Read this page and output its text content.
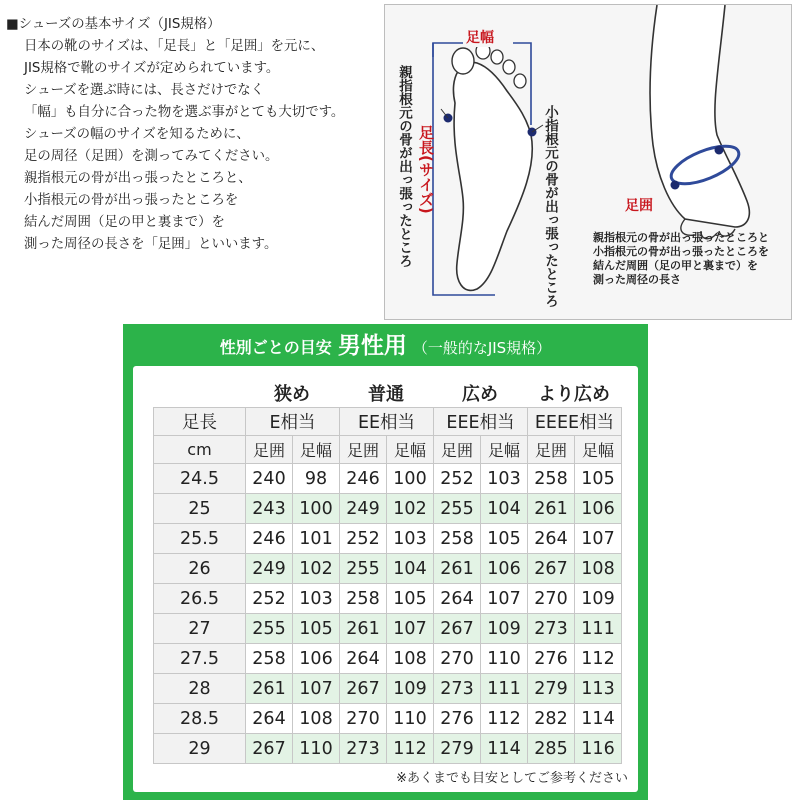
■シューズの基本サイズ（JIS規格）
日本の靴のサイズは、「足長」と「足囲」を元に、
JIS規格で靴のサイズが定められています。
シューズを選ぶ時には、長さだけでなく
「幅」も自分に合った物を選ぶ事がとても大切です。
シューズの幅のサイズを知るために、
足の周径（足囲）を測ってみてください。
親指根元の骨が出っ張ったところと、
小指根元の骨が出っ張ったところを
結んだ周囲（足の甲と裏まで）を
測った周径の長さを「足囲」といいます。
足幅
足長(サイズ)
親指根元の骨が出っ張ったところ	小指根元の骨が出っ張ったところ	足囲
親指根元の骨が出っ張ったところと
小指根元の骨が出っ張ったところを
結んだ周囲（足の甲と裏まで）を
測った周径の長さ
性別ごとの目安 男性用 （一般的なJIS規格）
狭め	普通	広め	より広め
足長	E相当		EE相当		EEE相当		EEEE相当	
cm	足囲	足幅	足囲	足幅	足囲	足幅	足囲	足幅
24.5	240	98	246	100	252	103	258	105
25	243	100	249	102	255	104	261	106
25.5	246	101	252	103	258	105	264	107
26	249	102	255	104	261	106	267	108
26.5	252	103	258	105	264	107	270	109
27	255	105	261	107	267	109	273	111
27.5	258	106	264	108	270	110	276	112
28	261	107	267	109	273	111	279	113
28.5	264	108	270	110	276	112	282	114
29	267	110	273	112	279	114	285	116
※あくまでも目安としてご参考ください
